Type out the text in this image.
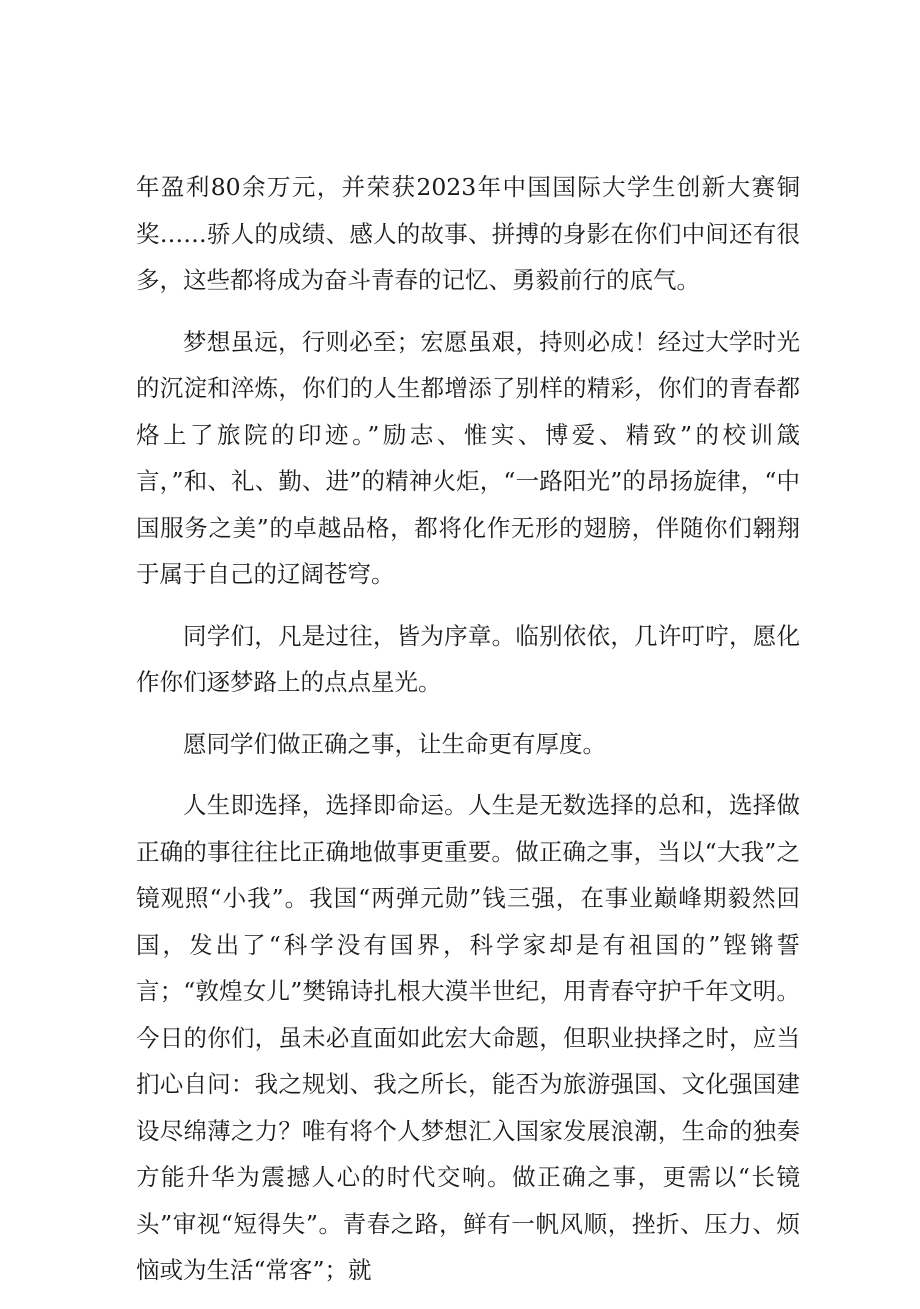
年盈利80余万元，并荣获2023年中国国际大学生创新大赛铜奖……骄人的成绩、感人的故事、拼搏的身影在你们中间还有很多，这些都将成为奋斗青春的记忆、勇毅前行的底气。

梦想虽远，行则必至；宏愿虽艰，持则必成！经过大学时光的沉淀和淬炼，你们的人生都增添了别样的精彩，你们的青春都烙上了旅院的印迹。”励志、惟实、博爱、精致”的校训箴言，”和、礼、勤、进”的精神火炬，“一路阳光”的昂扬旋律，“中国服务之美”的卓越品格，都将化作无形的翅膀，伴随你们翱翔于属于自己的辽阔苍穹。

同学们，凡是过往，皆为序章。临别依依，几许叮咛，愿化作你们逐梦路上的点点星光。

愿同学们做正确之事，让生命更有厚度。

人生即选择，选择即命运。人生是无数选择的总和，选择做正确的事往往比正确地做事更重要。做正确之事，当以“大我”之镜观照“小我”。我国“两弹元勋”钱三强，在事业巅峰期毅然回国，发出了“科学没有国界，科学家却是有祖国的”铿锵誓言；“敦煌女儿”樊锦诗扎根大漠半世纪，用青春守护千年文明。今日的你们，虽未必直面如此宏大命题，但职业抉择之时，应当扪心自问：我之规划、我之所长，能否为旅游强国、文化强国建设尽绵薄之力？唯有将个人梦想汇入国家发展浪潮，生命的独奏方能升华为震撼人心的时代交响。做正确之事，更需以“长镜头”审视“短得失”。青春之路，鲜有一帆风顺，挫折、压力、烦恼或为生活“常客”；就
